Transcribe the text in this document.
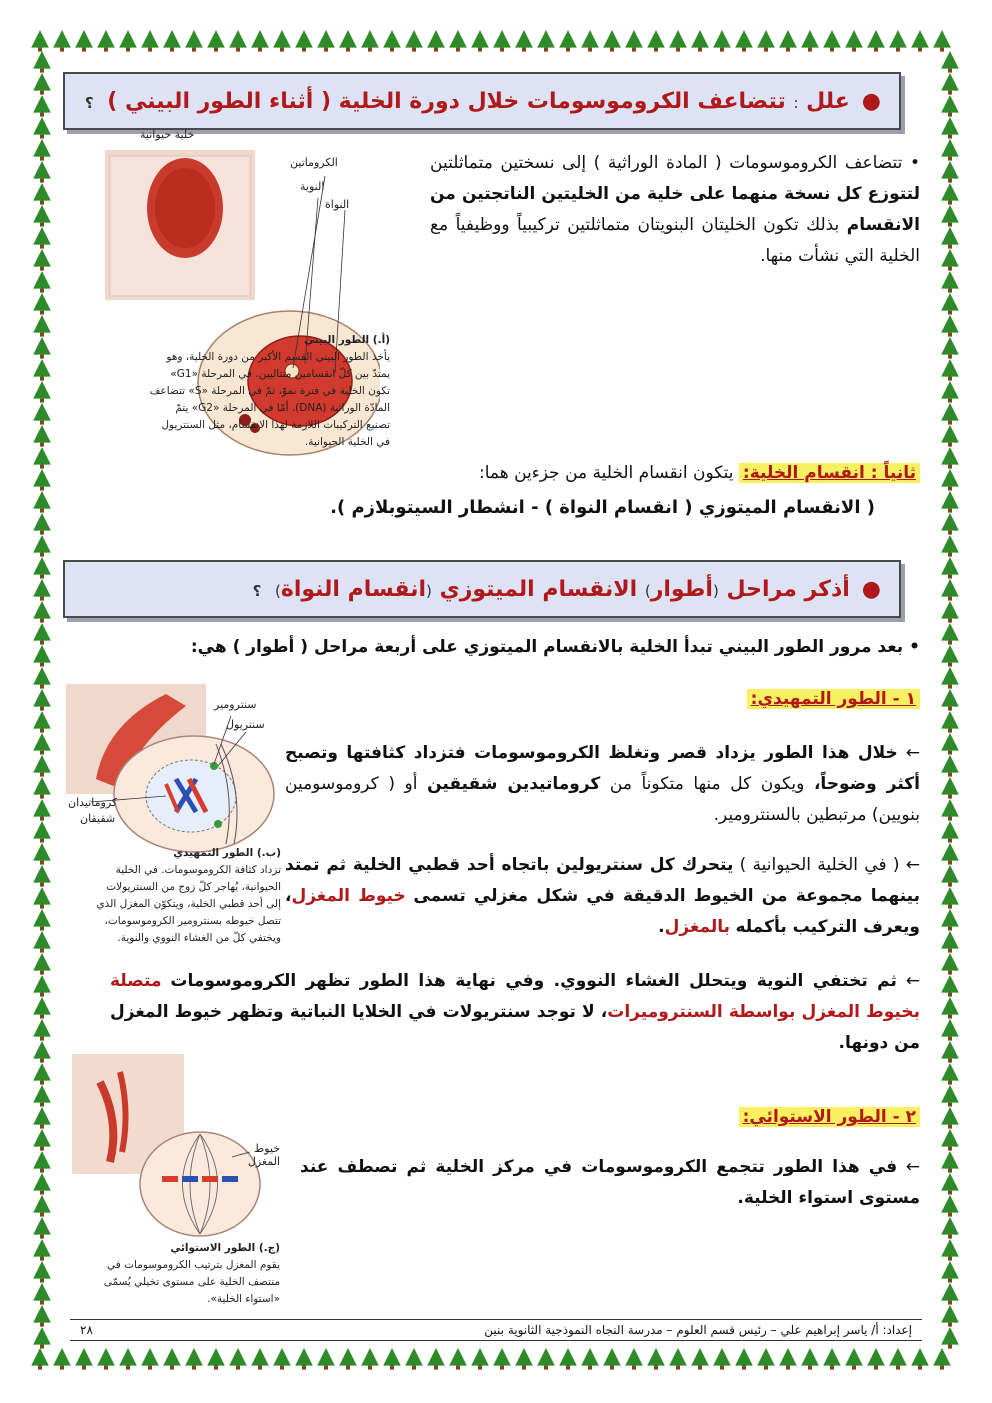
●
علل : تتضاعف الكروموسومات خلال دورة الخلية ( أثناء الطور البيني ) ؟
خلية حيوانية
الكروماتين
النوية
النواة
(أ.) الطور البيني
يأخذ الطور البيني القسم الأكبر من دورة الخلية، وهو
يمتدّ بين كلّ انقسامين متتاليين. في المرحلة «G1»
تكون الخلية في فترة نموّ، ثمّ في المرحلة «S» تتضاعف
المادّة الوراثية (DNA). أمّا في المرحلة «G2» يتمّ
تصنيع التركيبات اللازمة لهذا الانقسام، مثل السنتريول
في الخلية الحيوانية.
• تتضاعف الكروموسومات ( المادة الوراثية ) إلى نسختين متماثلتين لتتوزع كل نسخة منهما على خلية من الخليتين الناتجتين من الانقسام بذلك تكون الخليتان البنويتان متماثلتين تركيبياً ووظيفياً مع الخلية التي نشأت منها.
ثانياً : انقسام الخلية: يتكون انقسام الخلية من جزءين هما:
( الانقسام الميتوزي ( انقسام النواة ) - انشطار السيتوبلازم ).
●
أذكر مراحل (أطوار) الانقسام الميتوزي (انقسام النواة) ؟
• بعد مرور الطور البيني تبدأ الخلية بالانقسام الميتوزي على أربعة مراحل ( أطوار ) هي:
١ - الطور التمهيدي:
سنترومير
سنتريول
كروماتيدان
شقيقان
(ب.) الطور التمهيدي
تزداد كثافة الكروموسومات. في الخلية
الحيوانية، يُهاجر كلّ زوج من السنتريولات
إلى أحد قطبي الخلية، ويتكوّن المغزل الذي
تتصل خيوطه بسنترومير الكروموسومات،
ويختفي كلّ من الغشاء النووي والنوية.
← خلال هذا الطور يزداد قصر وتغلظ الكروموسومات فتزداد كثافتها وتصبح أكثر وضوحاً، ويكون كل منها متكوناً من كروماتيدين شقيقين أو ( كروموسومين بنويين) مرتبطين بالسنترومير.
← ( في الخلية الحيوانية ) يتحرك كل سنتريولين باتجاه أحد قطبي الخلية ثم تمتد بينهما مجموعة من الخيوط الدقيقة في شكل مغزلي تسمى خيوط المغزل، ويعرف التركيب بأكمله بالمغزل.
← ثم تختفي النوية ويتحلل الغشاء النووي. وفي نهاية هذا الطور تظهر الكروموسومات متصلة بخيوط المغزل بواسطة السنتروميرات، لا توجد سنتريولات في الخلايا النباتية وتظهر خيوط المغزل من دونها.
خيوط المغزل
(ج.) الطور الاستوائي
يقوم المغزل بترتيب الكروموسومات في
منتصف الخلية على مستوى تخيلي يُسمّى
«استواء الخلية».
٢ - الطور الاستوائي:
← في هذا الطور تتجمع الكروموسومات في مركز الخلية ثم تصطف عند مستوى استواء الخلية.
إعداد: أ/ ياسر إبراهيم علي – رئيس قسم العلوم – مدرسة النجاه النموذجية الثانوية بنين
٢٨
